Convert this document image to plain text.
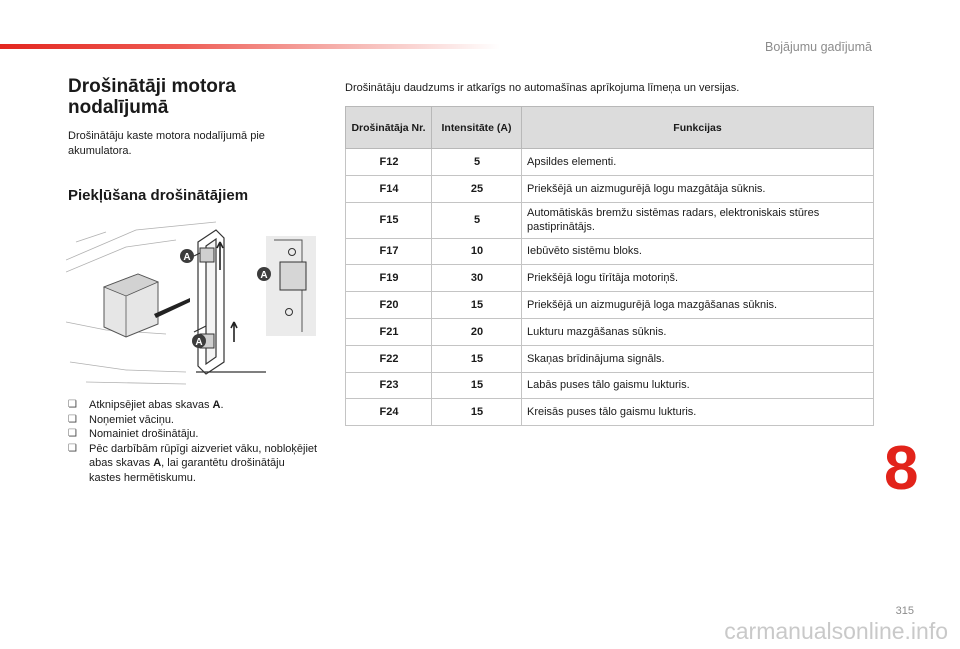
Bojājumu gadījumā
Drošinātāji motora nodalījumā

Drošinātāju kaste motora nodalījumā pie akumulatora.

Piekļūšana drošinātājiem
A
A
A
❏	Atknipsējiet abas skavas A.
❏	Noņemiet vāciņu.
❏	Nomainiet drošinātāju.
❏	Pēc darbībām rūpīgi aizveriet vāku, nobloķējiet abas skavas A, lai garantētu drošinātāju kastes hermētiskumu.

Drošinātāju daudzums ir atkarīgs no automašīnas aprīkojuma līmeņa un versijas.

Drošinātāja Nr.	Intensitāte (A)	Funkcijas
F12	5	Apsildes elementi.
F14	25	Priekšējā un aizmugurējā logu mazgātāja sūknis.
F15	5	Automātiskās bremžu sistēmas radars, elektroniskais stūres pastiprinātājs.
F17	10	Iebūvēto sistēmu bloks.
F19	30	Priekšējā logu tīrītāja motoriņš.
F20	15	Priekšējā un aizmugurējā loga mazgāšanas sūknis.
F21	20	Lukturu mazgāšanas sūknis.
F22	15	Skaņas brīdinājuma signāls.
F23	15	Labās puses tālo gaismu lukturis.
F24	15	Kreisās puses tālo gaismu lukturis.
8
315
carmanualsonline.info
